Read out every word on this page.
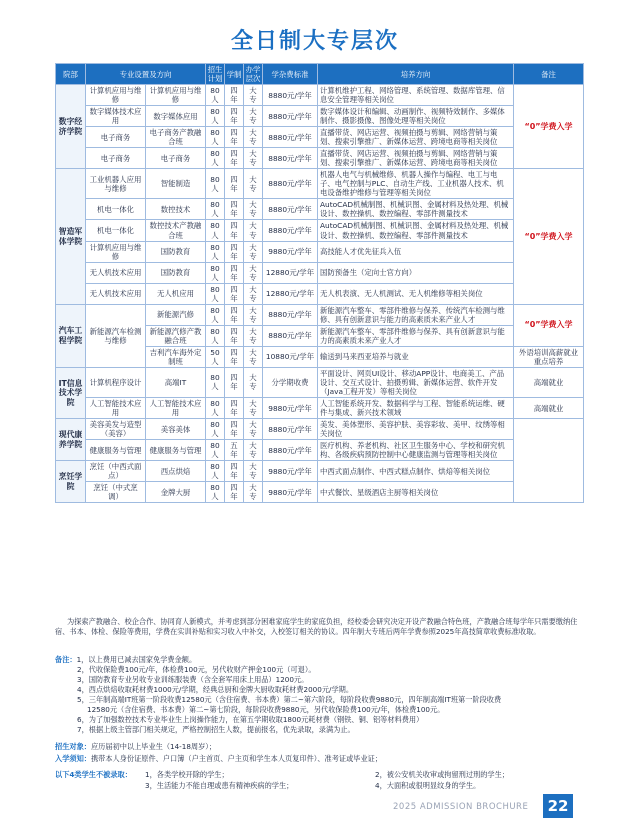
全日制大专层次
院部	专业设置及方向		招生计划	学制	办学层次	学杂费标准	培养方向	备注
数字经济学院	计算机应用与维修	计算机应用与维修	80人	四年	大专	8880元/学年	计算机维护工程、网络管理、系统管理、数据库管理、信息安全管理等相关岗位	“0”学费入学
	数字媒体技术应用	数字媒体应用	80人	四年	大专	8880元/学年	数字媒体设计和编辑、动画制作、视频特效制作、多媒体制作、摄影摄像、图像处理等相关岗位	
	电子商务	电子商务产教融合班	80人	四年	大专	8880元/学年	直播带货、网店运营、视频拍摄与剪辑、网络营销与策划、搜索引擎推广、新媒体运营、跨境电商等相关岗位	
	电子商务	电子商务	80人	四年	大专	8880元/学年	直播带货、网店运营、视频拍摄与剪辑、网络营销与策划、搜索引擎推广、新媒体运营、跨境电商等相关岗位	
智造军体学院	工业机器人应用与维修	智能制造	80人	四年	大专	8880元/学年	机器人电气与机械维修、机器人操作与编程、电工与电子、电气控制与PLC、自动生产线、工业机器人技术、机电设备维护维修与管理等相关岗位	“0”学费入学
	机电一体化	数控技术	80人	四年	大专	8880元/学年	AutoCAD机械制图、机械识图、金属材料及热处理、机械设计、数控操机、数控编程、零部件测量技术	
	机电一体化	数控技术产教融合班	80人	四年	大专	8880元/学年	AutoCAD机械制图、机械识图、金属材料及热处理、机械设计、数控操机、数控编程、零部件测量技术	
	计算机应用与维修	国防教育	80人	四年	大专	9880元/学年	高技能人才优先征兵入伍	
	无人机技术应用	国防教育	80人	四年	大专	12880元/学年	国防预备生（定向士官方向）	
	无人机技术应用	无人机应用	80人	四年	大专	12880元/学年	无人机表演、无人机测试、无人机维修等相关岗位	
汽车工程学院	新能源汽车检测与维修	新能源汽修	80人	四年	大专	8880元/学年	新能源汽车整车、零部件维修与保养、传统汽车检测与维修、具有创新意识与能力的高素质未来产业人才	“0”学费入学
		新能源汽修产教融合班	80人	四年	大专	8880元/学年	新能源汽车整车、零部件维修与保养、具有创新意识与能力的高素质未来产业人才	
		吉利汽车海外定制班	50人	四年	大专	10880元/学年	输送到马来西亚培养与就业	外语培训高薪就业重点培养
IT信息技术学院	计算机程序设计	高端IT	80人	四年	大专	分学期收费	平面设计、网页UI设计、移动APP设计、电商美工、产品设计、交互式设计、拍摄剪辑、新媒体运营、软件开发（Java工程开发）等相关岗位	高端就业
	人工智能技术应用	人工智能技术应用	80人	四年	大专	9880元/学年	人工智能系统开发、数据科学与工程、智能系统运维、硬件与集成、新兴技术领域	高端就业
现代康养学院	美容美发与造型（美容）	美容美体	80人	四年	大专	8880元/学年	美发、美体塑形、美容护肤、美容彩妆、美甲、纹绣等相关岗位	
	健康服务与管理	健康服务与管理	80人	五年	大专	8880元/学年	医疗机构、养老机构、社区卫生服务中心、学校和研究机构、各级疾病预防控制中心健康监测与管理等相关岗位	
烹饪学院	烹饪（中西式面点）	西点烘焙	80人	四年	大专	9880元/学年	中西式面点制作、中西式糕点制作、烘焙等相关岗位	
	烹饪（中式烹调）	金牌大厨	80人	四年	大专	9880元/学年	中式餐饮、星级酒店主厨等相关岗位	
为探索产教融合、校企合作、协同育人新模式，并考虑到部分困难家庭学生的家庭负担，经校委会研究决定开设产教融合特色班，产教融合班每学年只需要缴纳住宿、书本、体检、保险等费用，学费在实训补贴和实习收入中补交，入校签订相关的协议。四年制大专班后两年学费参照2025年高技简章收费标准收取。
备注：1，以上费用已减去国家免学费金额。
2，代收保险费100元/年，体检费100元，另代收财产押金100元（可退）。
3，国防教育专业另收专业训练服装费（含全套军用床上用品）1200元。
4，西点烘焙收取耗材费1000元/学期，经典总厨和金牌大厨收取耗材费2000元/学期。
5，三年制高端IT班第一阶段收费12580元（含住宿费、书本费）第二~第六阶段，每阶段收费9880元，四年制高端IT班第一阶段收费
12580元（含住宿费、书本费）第二~第七阶段，每阶段收费9880元，另代收保险费100元/年，体检费100元。
6，为了加强数控技术专业毕业生上岗操作能力，在第五学期收取1800元耗材费（钢铁、铜、铝等材料费用）
7，根据上级主管部门相关规定，严格控制招生人数，提前报名，优先录取，录满为止。
招生对象：应历届初中以上毕业生（14-18周岁）；
入学须知：携带本人身份证原件、户口簿（户主首页、户主页和学生本人页复印件）、准考证或毕业证；
以下4类学生不被录取：	1，各类学校开除的学生；	2，被公安机关收审或拘留刑过刑的学生；
3，生活能力不能自理或患有精神疾病的学生；	4，大面积或很明显纹身的学生。
2025 ADMISSION BROCHURE	22
